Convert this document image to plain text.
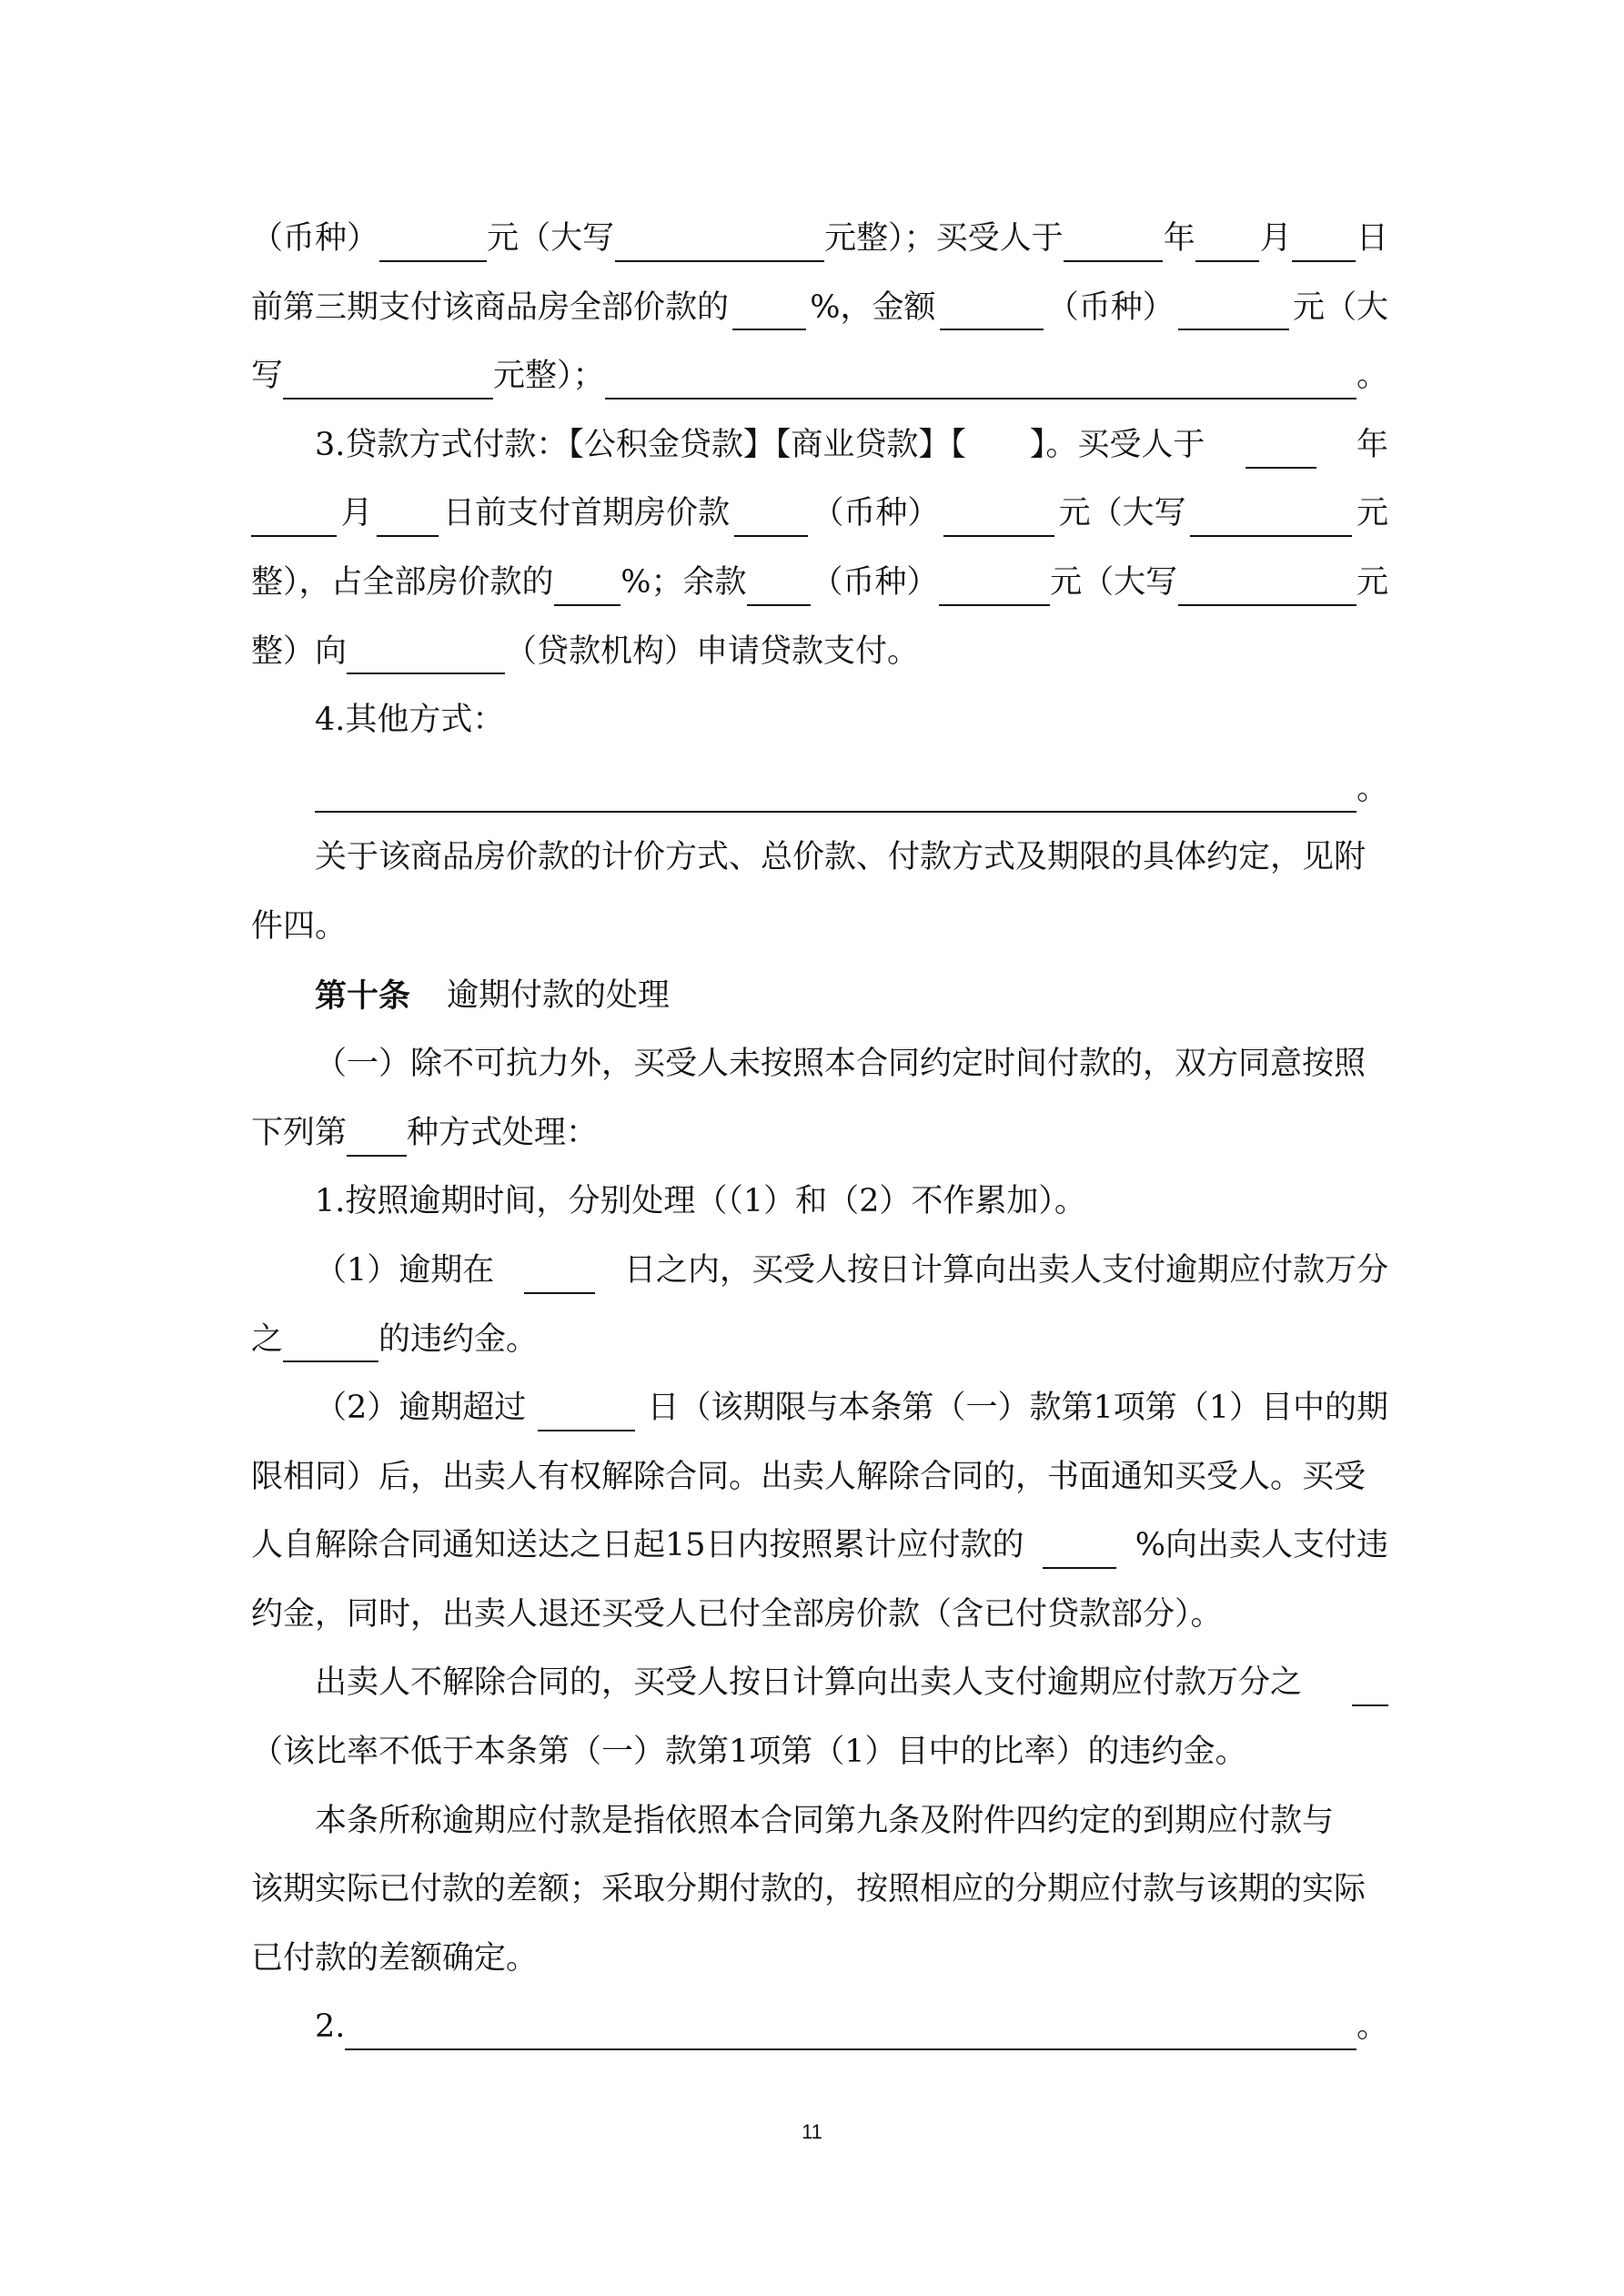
（币种）	元（大写	元整）；买受人于	年 月 日
前第三期支付该商品房全部价款的	%，金额	（币种）	元（大
写	元整）；	。
3.贷款方式付款：【公积金贷款】【商业贷款】【　　】。买受人于	年
月 日前支付首期房价款	（币种）	元（大写	元
整），占全部房价款的 %；余款 （币种）	元（大写	元
整）向	（贷款机构）申请贷款支付。
4.其他方式：
。
关于该商品房价款的计价方式、总价款、付款方式及期限的具体约定，见附
件四。
第十条 逾期付款的处理
（一）除不可抗力外，买受人未按照本合同约定时间付款的，双方同意按照
下列第 种方式处理：
1.按照逾期时间，分别处理（（1）和（2）不作累加）。
（1）逾期在	日之内，买受人按日计算向出卖人支付逾期应付款万分
之	的违约金。
（2）逾期超过	日（该期限与本条第（一）款第1项第（1）目中的期
限相同）后，出卖人有权解除合同。出卖人解除合同的，书面通知买受人。买受
人自解除合同通知送达之日起15日内按照累计应付款的	%向出卖人支付违
约金，同时，出卖人退还买受人已付全部房价款（含已付贷款部分）。
出卖人不解除合同的，买受人按日计算向出卖人支付逾期应付款万分之
（该比率不低于本条第（一）款第1项第（1）目中的比率）的违约金。
本条所称逾期应付款是指依照本合同第九条及附件四约定的到期应付款与
该期实际已付款的差额；采取分期付款的，按照相应的分期应付款与该期的实际
已付款的差额确定。
2.	。
11
